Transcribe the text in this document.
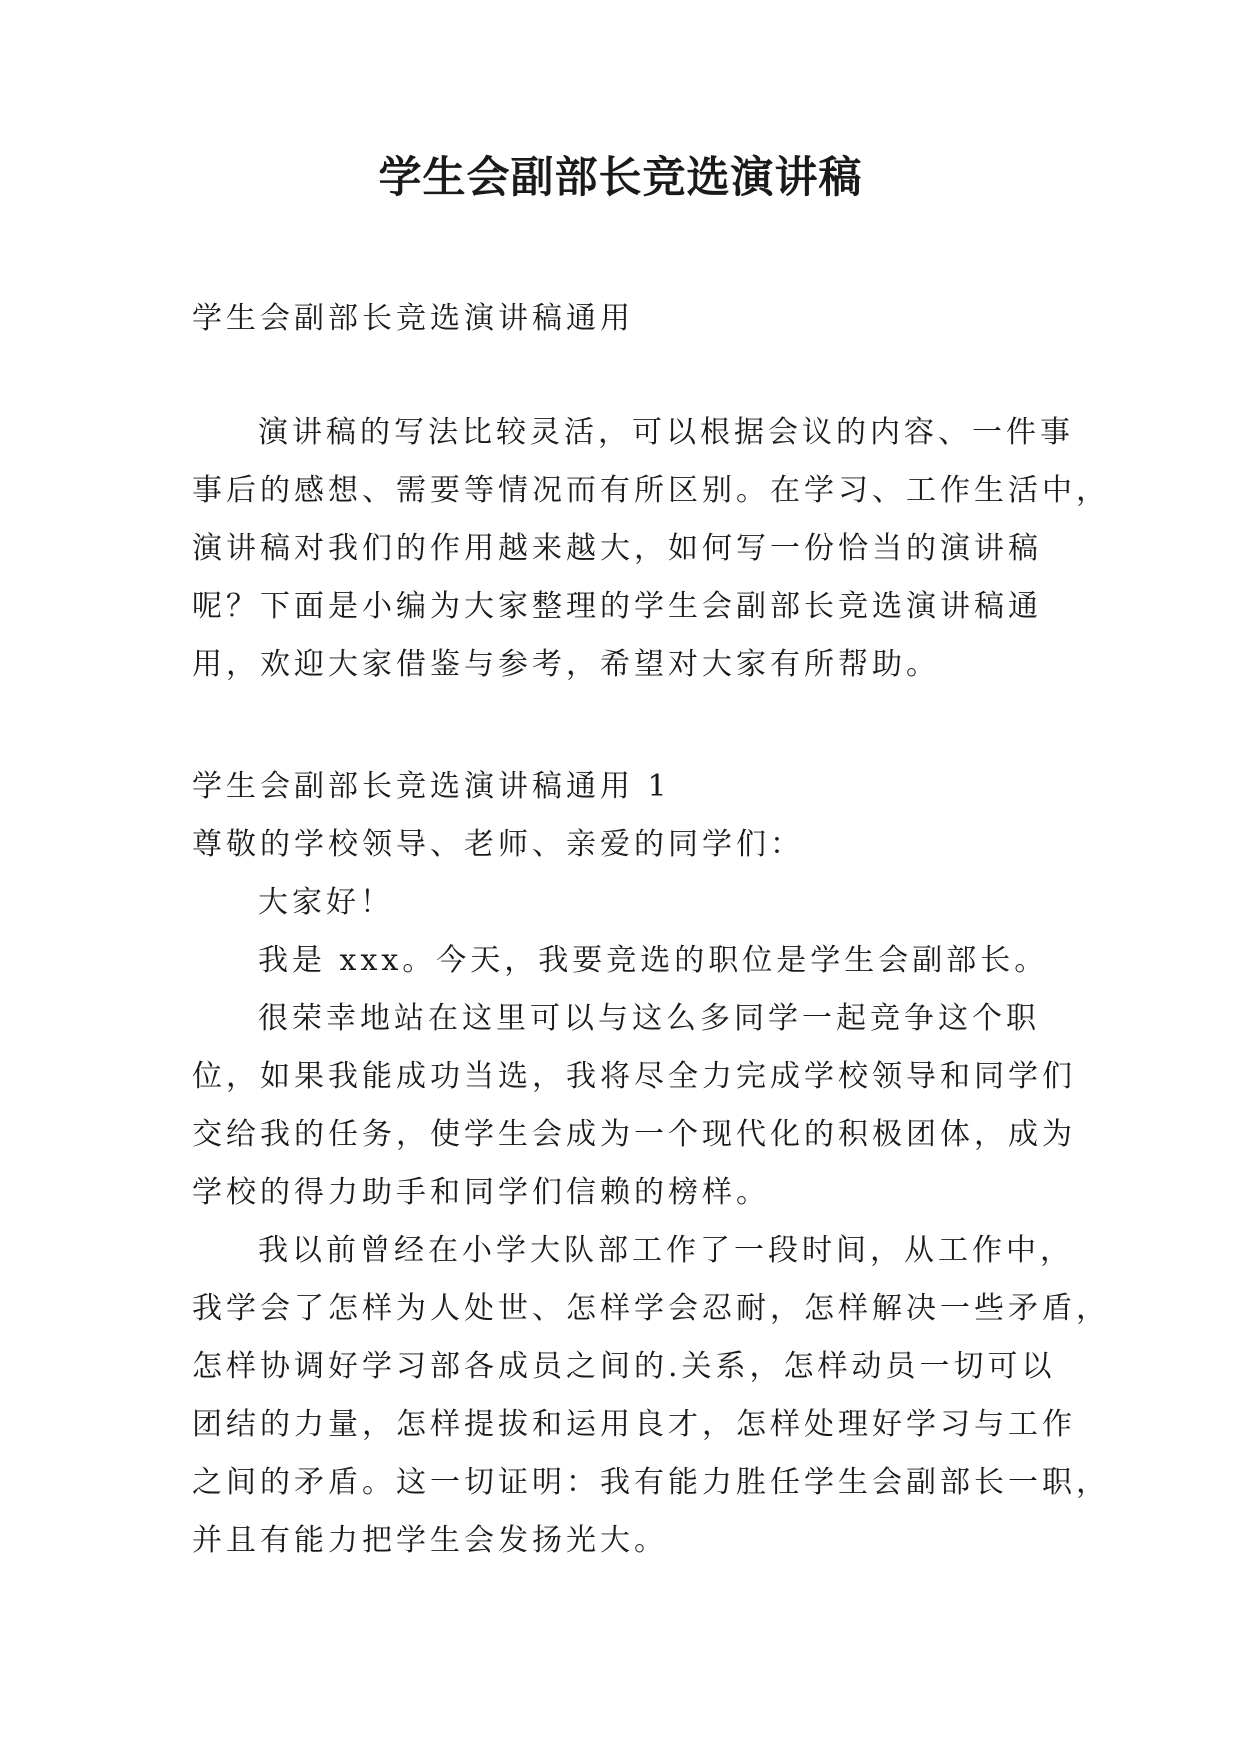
学生会副部长竞选演讲稿

学生会副部长竞选演讲稿通用

演讲稿的写法比较灵活，可以根据会议的内容、一件事
事后的感想、需要等情况而有所区别。在学习、工作生活中，
演讲稿对我们的作用越来越大，如何写一份恰当的演讲稿
呢？下面是小编为大家整理的学生会副部长竞选演讲稿通
用，欢迎大家借鉴与参考，希望对大家有所帮助。

学生会副部长竞选演讲稿通用 1

尊敬的学校领导、老师、亲爱的同学们：
大家好！
我是 xxx。今天，我要竞选的职位是学生会副部长。
很荣幸地站在这里可以与这么多同学一起竞争这个职
位，如果我能成功当选，我将尽全力完成学校领导和同学们
交给我的任务，使学生会成为一个现代化的积极团体，成为
学校的得力助手和同学们信赖的榜样。
我以前曾经在小学大队部工作了一段时间，从工作中，
我学会了怎样为人处世、怎样学会忍耐，怎样解决一些矛盾，
怎样协调好学习部各成员之间的.关系，怎样动员一切可以
团结的力量，怎样提拔和运用良才，怎样处理好学习与工作
之间的矛盾。这一切证明：我有能力胜任学生会副部长一职，
并且有能力把学生会发扬光大。
